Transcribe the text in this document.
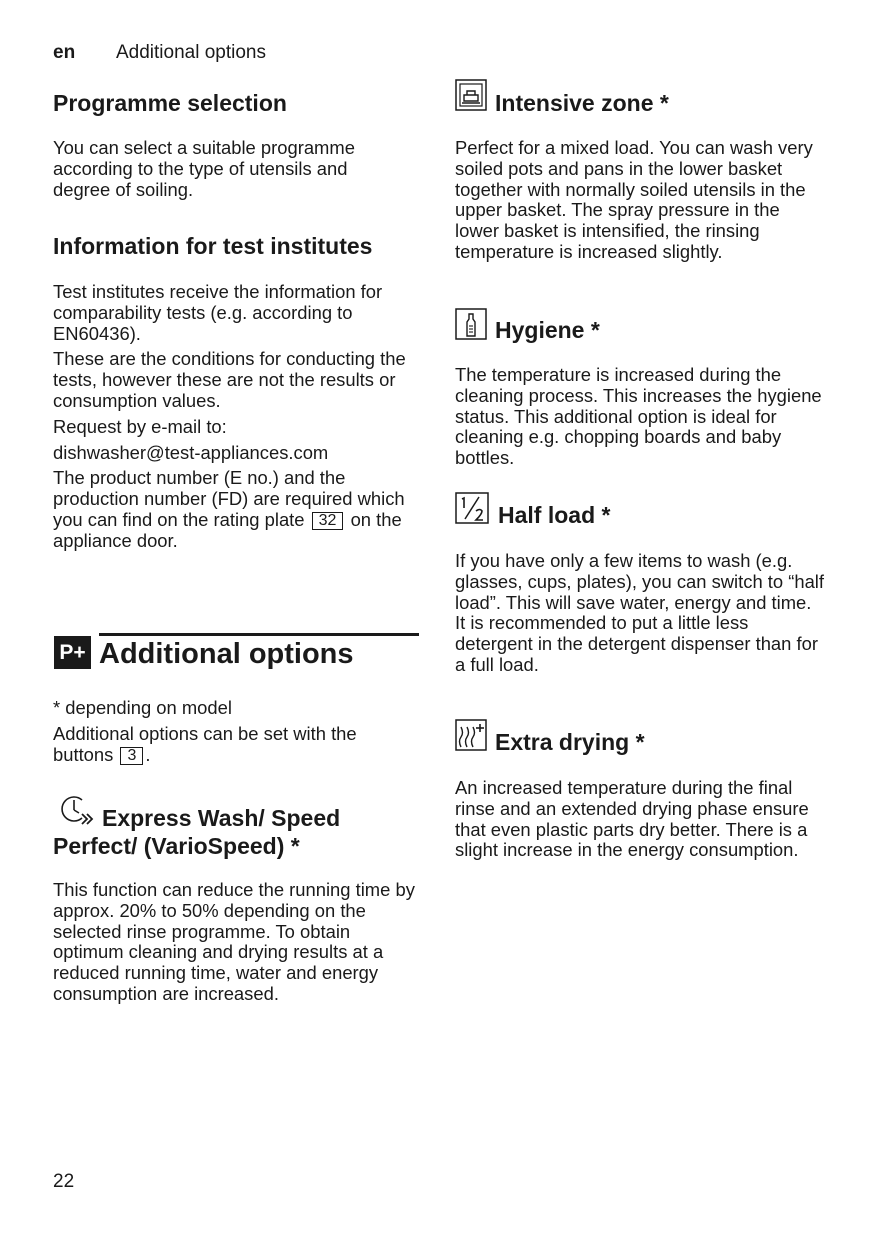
en Additional options
Programme selection
You can select a suitable programme according to the type of utensils and degree of soiling.
Information for test institutes
Test institutes receive the information for comparability tests (e.g. according to EN60436).
These are the conditions for conducting the tests, however these are not the results or consumption values.
Request by e-mail to:
dishwasher@test-appliances.com
The product number (E no.) and the production number (FD) are required which you can find on the rating plate 32 on the appliance door.
P+ Additional options
* depending on model
Additional options can be set with the buttons 3 .
Express Wash/ Speed Perfect/ (VarioSpeed) *
This function can reduce the running time by approx. 20% to 50% depending on the selected rinse programme. To obtain optimum cleaning and drying results at a reduced running time, water and energy consumption are increased.
Intensive zone *
Perfect for a mixed load. You can wash very soiled pots and pans in the lower basket together with normally soiled utensils in the upper basket. The spray pressure in the lower basket is intensified, the rinsing temperature is increased slightly.
Hygiene *
The temperature is increased during the cleaning process. This increases the hygiene status. This additional option is ideal for cleaning e.g. chopping boards and baby bottles.
Half load *
If you have only a few items to wash (e.g. glasses, cups, plates), you can switch to “half load”. This will save water, energy and time. It is recommended to put a little less detergent in the detergent dispenser than for a full load.
Extra drying *
An increased temperature during the final rinse and an extended drying phase ensure that even plastic parts dry better. There is a slight increase in the energy consumption.
22
